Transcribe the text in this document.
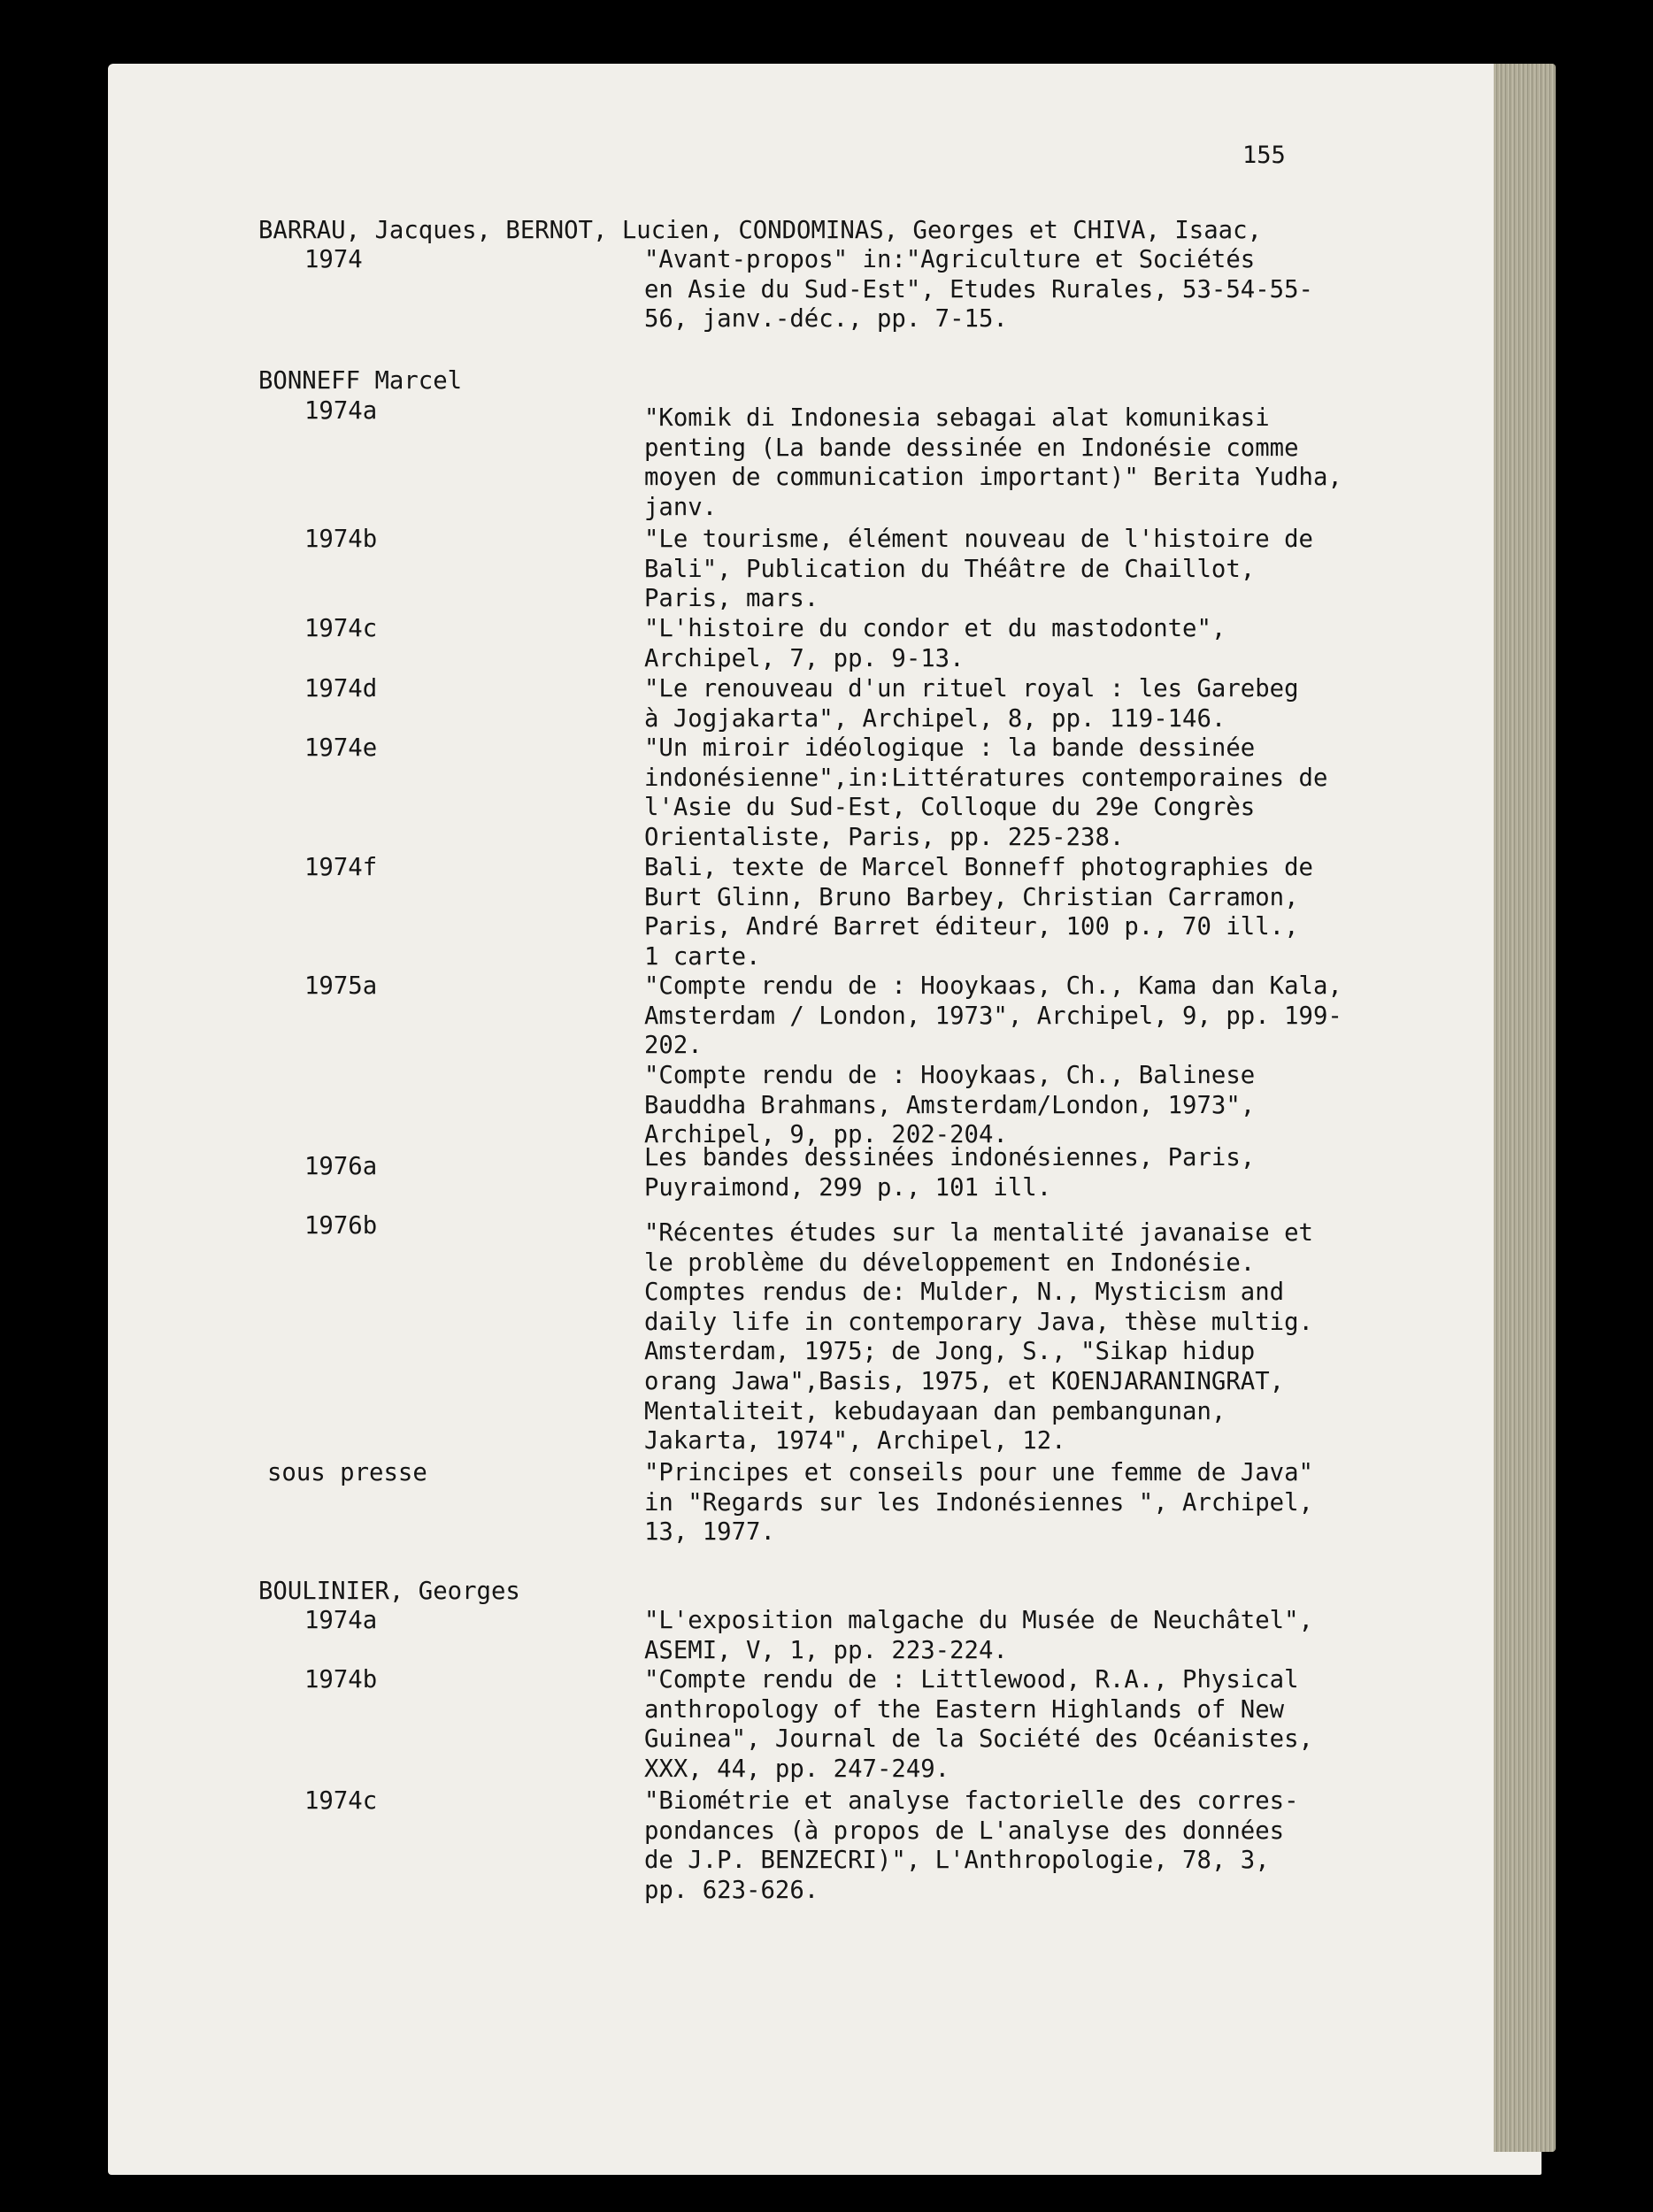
155

BARRAU, Jacques, BERNOT, Lucien, CONDOMINAS, Georges et CHIVA, Isaac,

1974	"Avant-propos" in:"Agriculture et Sociétés
en Asie du Sud-Est", Etudes Rurales, 53-54-55-
56, janv.-déc., pp. 7-15.

BONNEFF Marcel

1974a	"Komik di Indonesia sebagai alat komunikasi
penting (La bande dessinée en Indonésie comme
moyen de communication important)" Berita Yudha,
janv.
1974b	"Le tourisme, élément nouveau de l'histoire de
Bali", Publication du Théâtre de Chaillot,
Paris, mars.
1974c	"L'histoire du condor et du mastodonte",
Archipel, 7, pp. 9-13.
1974d	"Le renouveau d'un rituel royal : les Garebeg
à Jogjakarta", Archipel, 8, pp. 119-146.
1974e	"Un miroir idéologique : la bande dessinée
indonésienne",in:Littératures contemporaines de
l'Asie du Sud-Est, Colloque du 29e Congrès
Orientaliste, Paris, pp. 225-238.
1974f	Bali, texte de Marcel Bonneff photographies de
Burt Glinn, Bruno Barbey, Christian Carramon,
Paris, André Barret éditeur, 100 p., 70 ill.,
1 carte.
1975a	"Compte rendu de : Hooykaas, Ch., Kama dan Kala,
Amsterdam / London, 1973", Archipel, 9, pp. 199-
202.
"Compte rendu de : Hooykaas, Ch., Balinese
Bauddha Brahmans, Amsterdam/London, 1973",
Archipel, 9, pp. 202-204.
1976a	Les bandes dessinées indonésiennes, Paris,
Puyraimond, 299 p., 101 ill.
1976b	"Récentes études sur la mentalité javanaise et
le problème du développement en Indonésie.
Comptes rendus de: Mulder, N., Mysticism and
daily life in contemporary Java, thèse multig.
Amsterdam, 1975; de Jong, S., "Sikap hidup
orang Jawa",Basis, 1975, et KOENJARANINGRAT,
Mentaliteit, kebudayaan dan pembangunan,
Jakarta, 1974", Archipel, 12.
sous presse	"Principes et conseils pour une femme de Java"
in "Regards sur les Indonésiennes ", Archipel,
13, 1977.

BOULINIER, Georges

1974a	"L'exposition malgache du Musée de Neuchâtel",
ASEMI, V, 1, pp. 223-224.
1974b	"Compte rendu de : Littlewood, R.A., Physical
anthropology of the Eastern Highlands of New
Guinea", Journal de la Société des Océanistes,
XXX, 44, pp. 247-249.
1974c	"Biométrie et analyse factorielle des corres-
pondances (à propos de L'analyse des données
de J.P. BENZECRI)", L'Anthropologie, 78, 3,
pp. 623-626.
